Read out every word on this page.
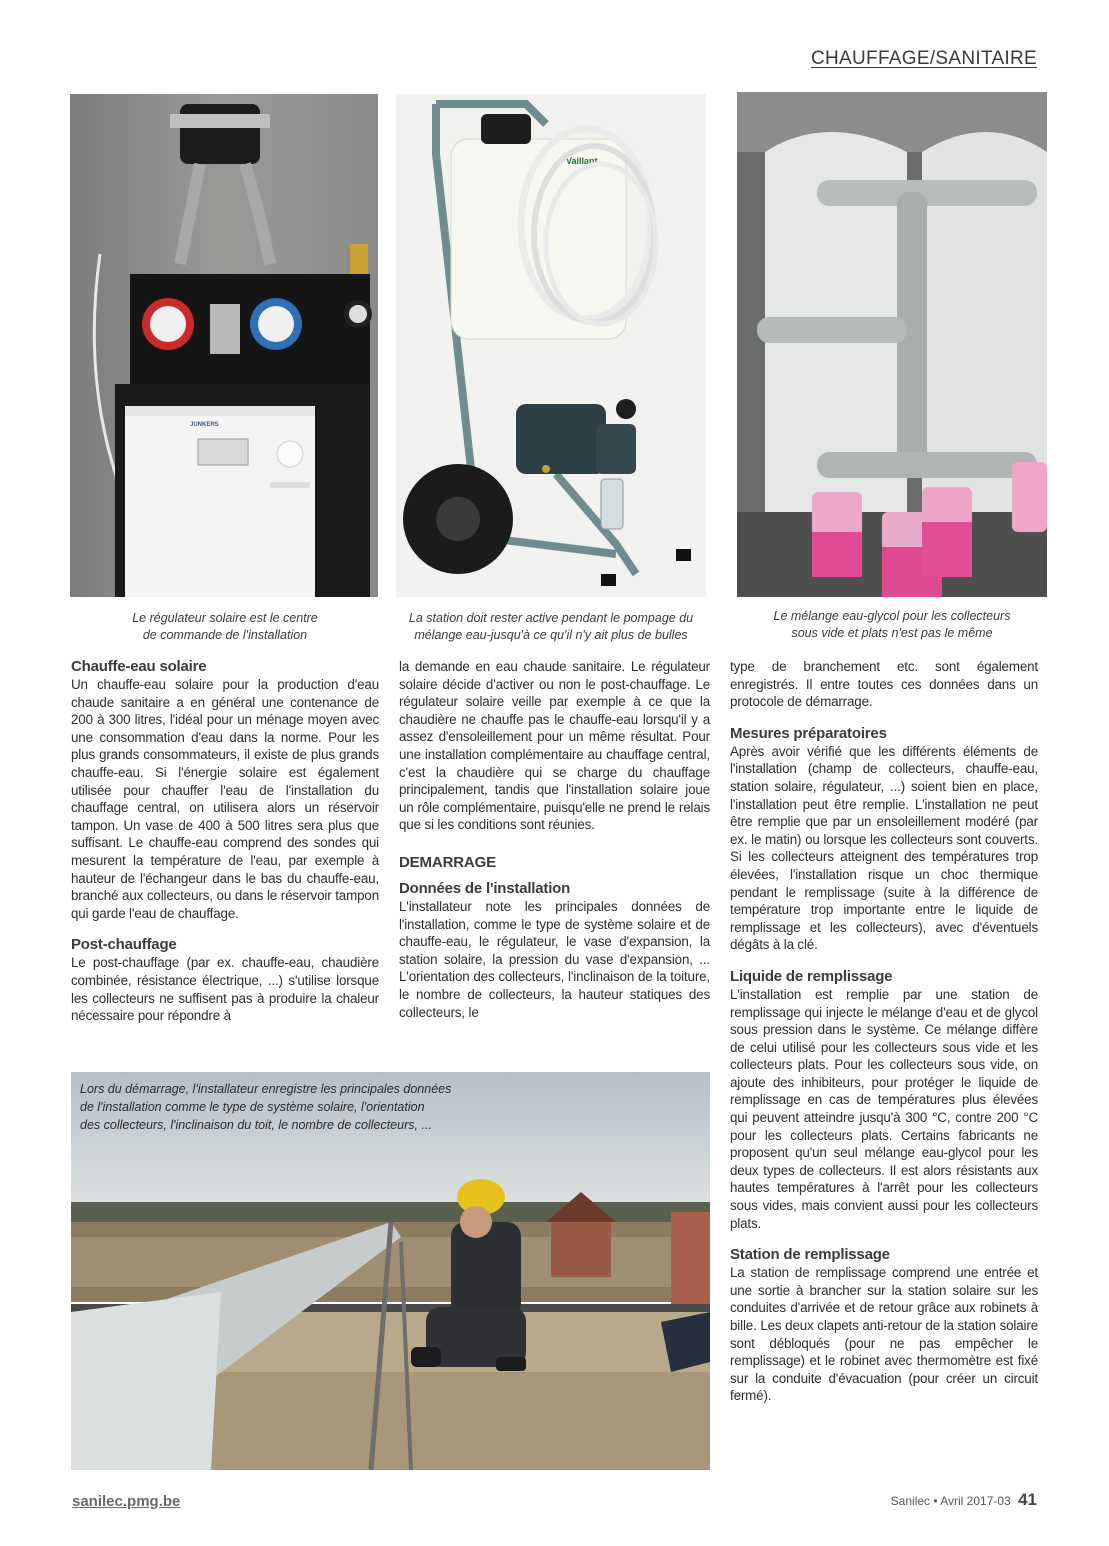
CHAUFFAGE/SANITAIRE
JUNKERS
Vaillant
Le régulateur solaire est le centre
de commande de l'installation
La station doit rester active pendant le pompage du
mélange eau-jusqu'à ce qu'il n'y ait plus de bulles
Le mélange eau-glycol pour les collecteurs
sous vide et plats n'est pas le même
Chauffe-eau solaire

Un chauffe-eau solaire pour la production d'eau chaude sanitaire a en général une contenance de 200 à 300 litres, l'idéal pour un ménage moyen avec une consommation d'eau dans la norme. Pour les plus grands consommateurs, il existe de plus grands chauffe-eau. Si l'énergie solaire est également utilisée pour chauffer l'eau de l'installation du chauffage central, on utilisera alors un réservoir tampon. Un vase de 400 à 500 litres sera plus que suffisant. Le chauffe-eau comprend des sondes qui mesurent la température de l'eau, par exemple à hauteur de l'échangeur dans le bas du chauffe-eau, branché aux collecteurs, ou dans le réservoir tampon qui garde l'eau de chauffage.

Post-chauffage

Le post-chauffage (par ex. chauffe-eau, chaudière combinée, résistance électrique, ...) s'utilise lorsque les collecteurs ne suffisent pas à produire la chaleur nécessaire pour répondre à

la demande en eau chaude sanitaire. Le régulateur solaire décide d'activer ou non le post-chauffage. Le régulateur solaire veille par exemple à ce que la chaudière ne chauffe pas le chauffe-eau lorsqu'il y a assez d'ensoleillement pour un même résultat. Pour une installation complémentaire au chauffage central, c'est la chaudière qui se charge du chauffage principalement, tandis que l'installation solaire joue un rôle complémentaire, puisqu'elle ne prend le relais que si les conditions sont réunies.

DEMARRAGE
Données de l'installation

L'installateur note les principales données de l'installation, comme le type de système solaire et de chauffe-eau, le régulateur, le vase d'expansion, la station solaire, la pression du vase d'expansion, ... L'orientation des collecteurs, l'inclinaison de la toiture, le nombre de collecteurs, la hauteur statiques des collecteurs, le

type de branchement etc. sont également enregistrés. Il entre toutes ces données dans un protocole de démarrage.

Mesures préparatoires

Après avoir vérifié que les différents éléments de l'installation (champ de collecteurs, chauffe-eau, station solaire, régulateur, ...) soient bien en place, l'installation peut être remplie. L'installation ne peut être remplie que par un ensoleillement modéré (par ex. le matin) ou lorsque les collecteurs sont couverts. Si les collecteurs atteignent des températures trop élevées, l'installation risque un choc thermique pendant le remplissage (suite à la différence de température trop importante entre le liquide de remplissage et les collecteurs), avec d'éventuels dégâts à la clé.

Liquide de remplissage

L'installation est remplie par une station de remplissage qui injecte le mélange d'eau et de glycol sous pression dans le système. Ce mélange diffère de celui utilisé pour les collecteurs sous vide et les collecteurs plats. Pour les collecteurs sous vide, on ajoute des inhibiteurs, pour protéger le liquide de remplissage en cas de températures plus élevées qui peuvent atteindre jusqu'à 300 °C, contre 200 °C pour les collecteurs plats. Certains fabricants ne proposent qu'un seul mélange eau-glycol pour les deux types de collecteurs. Il est alors résistants aux hautes températures à l'arrêt pour les collecteurs sous vides, mais convient aussi pour les collecteurs plats.

Station de remplissage

La station de remplissage comprend une entrée et une sortie à brancher sur la station solaire sur les conduites d'arrivée et de retour grâce aux robinets à bille. Les deux clapets anti-retour de la station solaire sont débloqués (pour ne pas empêcher le remplissage) et le robinet avec thermomètre est fixé sur la conduite d'évacuation (pour créer un circuit fermé).

Lors du démarrage, l'installateur enregistre les principales données
de l'installation comme le type de système solaire, l'orientation
des collecteurs, l'inclinaison du toit, le nombre de collecteurs, ...
sanilec.pmg.be	Sanilec • Avril 2017-03 41
